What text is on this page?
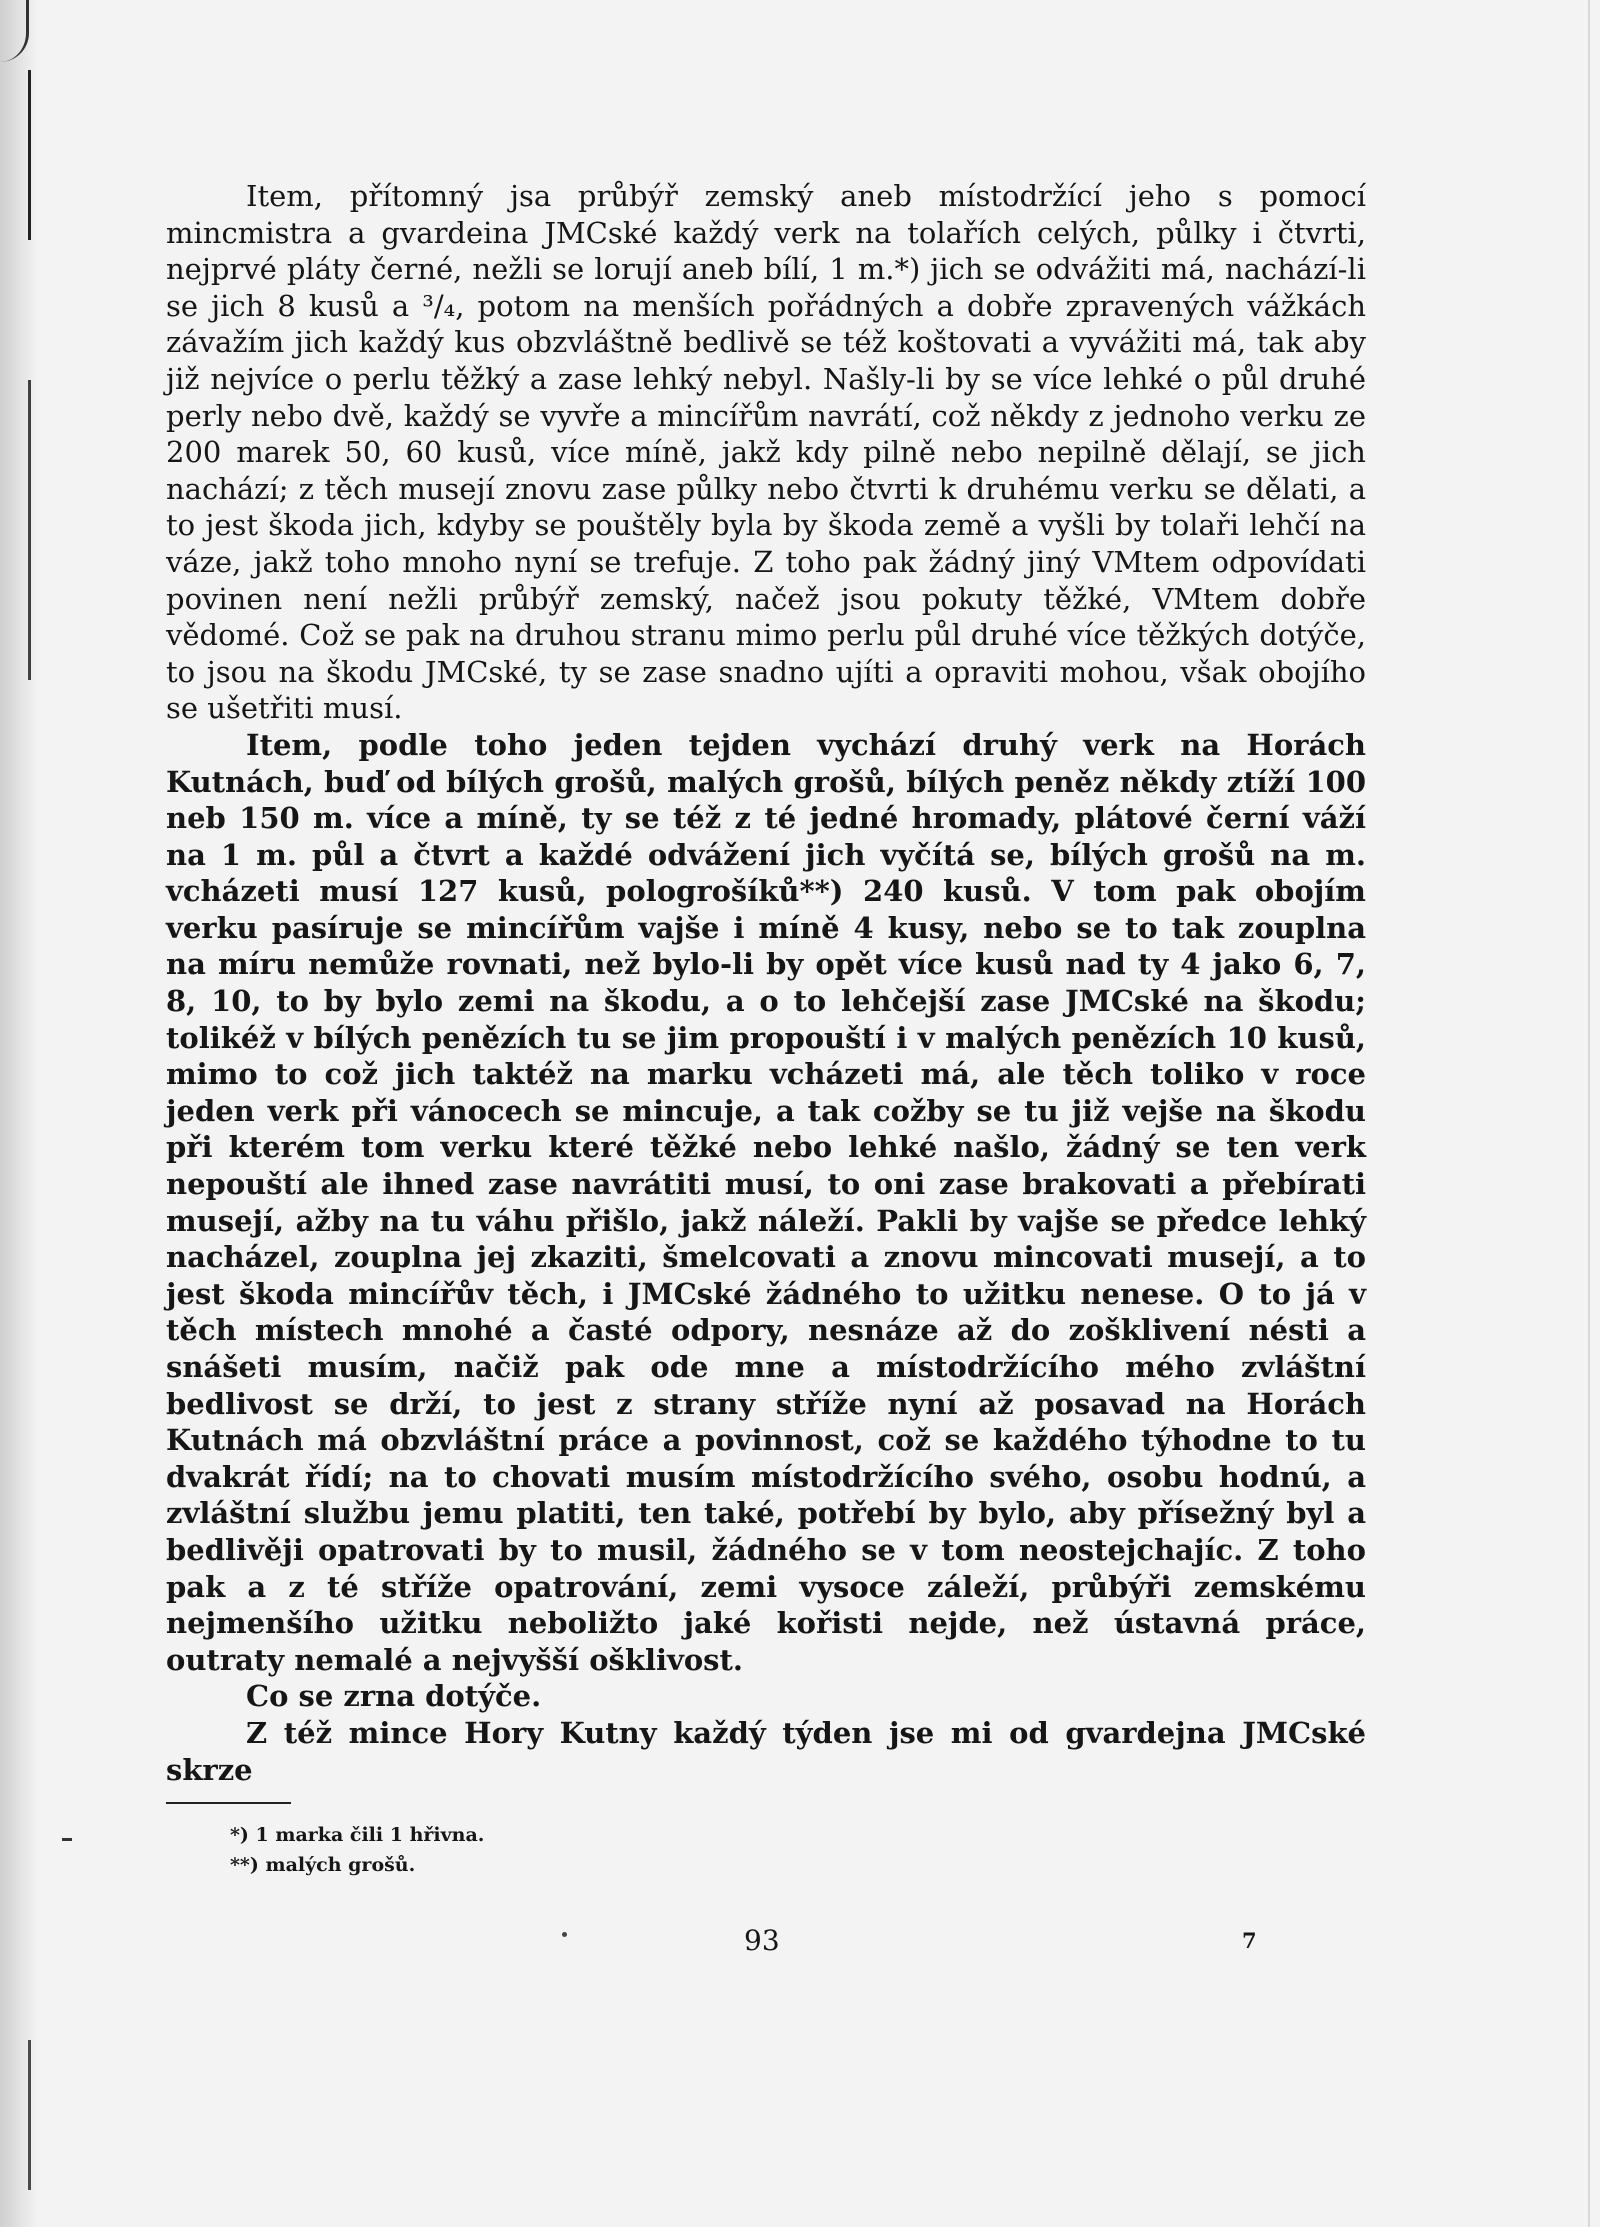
Item, přítomný jsa průbýř zemský aneb místodržící jeho s pomocí mincmistra a gvardeina JMCské každý verk na tolařích celých, půlky i čtvrti, nejprvé pláty černé, nežli se lorují aneb bílí, 1 m.*) jich se odvážiti má, nachází-li se jich 8 kusů a ³/₄, potom na menších pořádných a dobře zpravených vážkách závažím jich každý kus obzvláštně bedlivě se též koštovati a vyvážiti má, tak aby již nejvíce o perlu těžký a zase lehký nebyl. Našly-li by se více lehké o půl druhé perly nebo dvě, každý se vyvře a mincířům navrátí, což někdy z jednoho verku ze 200 marek 50, 60 kusů, více míně, jakž kdy pilně nebo nepilně dělají, se jich nachází; z těch musejí znovu zase půlky nebo čtvrti k druhému verku se dělati, a to jest škoda jich, kdyby se pouštěly byla by škoda země a vyšli by tolaři lehčí na váze, jakž toho mnoho nyní se trefuje. Z toho pak žádný jiný VMtem odpovídati povinen není nežli průbýř zemský, načež jsou pokuty těžké, VMtem dobře vědomé. Což se pak na druhou stranu mimo perlu půl druhé více těžkých dotýče, to jsou na škodu JMCské, ty se zase snadno ujíti a opraviti mohou, však obojího se ušetřiti musí.

Item, podle toho jeden tejden vychází druhý verk na Horách Kutnách, buď od bílých grošů, malých grošů, bílých peněz někdy ztíží 100 neb 150 m. více a míně, ty se též z té jedné hromady, plátové černí váží na 1 m. půl a čtvrt a každé odvážení jich vyčítá se, bílých grošů na m. vcházeti musí 127 kusů, pologrošíků**) 240 kusů. V tom pak obojím verku pasíruje se mincířům vajše i míně 4 kusy, nebo se to tak zouplna na míru nemůže rovnati, než bylo-li by opět více kusů nad ty 4 jako 6, 7, 8, 10, to by bylo zemi na škodu, a o to lehčejší zase JMCské na škodu; tolikéž v bílých penězích tu se jim propouští i v malých penězích 10 kusů, mimo to což jich taktéž na marku vcházeti má, ale těch toliko v roce jeden verk při vánocech se mincuje, a tak cožby se tu již vejše na škodu při kterém tom verku které těžké nebo lehké našlo, žádný se ten verk nepouští ale ihned zase navrátiti musí, to oni zase brakovati a přebírati musejí, ažby na tu váhu přišlo, jakž náleží. Pakli by vajše se předce lehký nacházel, zouplna jej zkaziti, šmelcovati a znovu mincovati musejí, a to jest škoda mincířův těch, i JMCské žádného to užitku nenese. O to já v těch místech mnohé a časté odpory, nesnáze až do zošklivení nésti a snášeti musím, načiž pak ode mne a místodržícího mého zvláštní bedlivost se drží, to jest z strany stříže nyní až posavad na Horách Kutnách má obzvláštní práce a povinnost, což se každého týhodne to tu dvakrát řídí; na to chovati musím místodržícího svého, osobu hodnú, a zvláštní službu jemu platiti, ten také, potřebí by bylo, aby přísežný byl a bedlivěji opatrovati by to musil, žádného se v tom neostejchajíc. Z toho pak a z té stříže opatrování, zemi vysoce záleží, průbýři zemskému nejmenšího užitku neboližto jaké kořisti nejde, než ústavná práce, outraty nemalé a nejvyšší ošklivost.

Co se zrna dotýče.

Z též mince Hory Kutny každý týden jse mi od gvardejna JMCské skrze

*) 1 marka čili 1 hřivna.

**) malých grošů.

93	7
